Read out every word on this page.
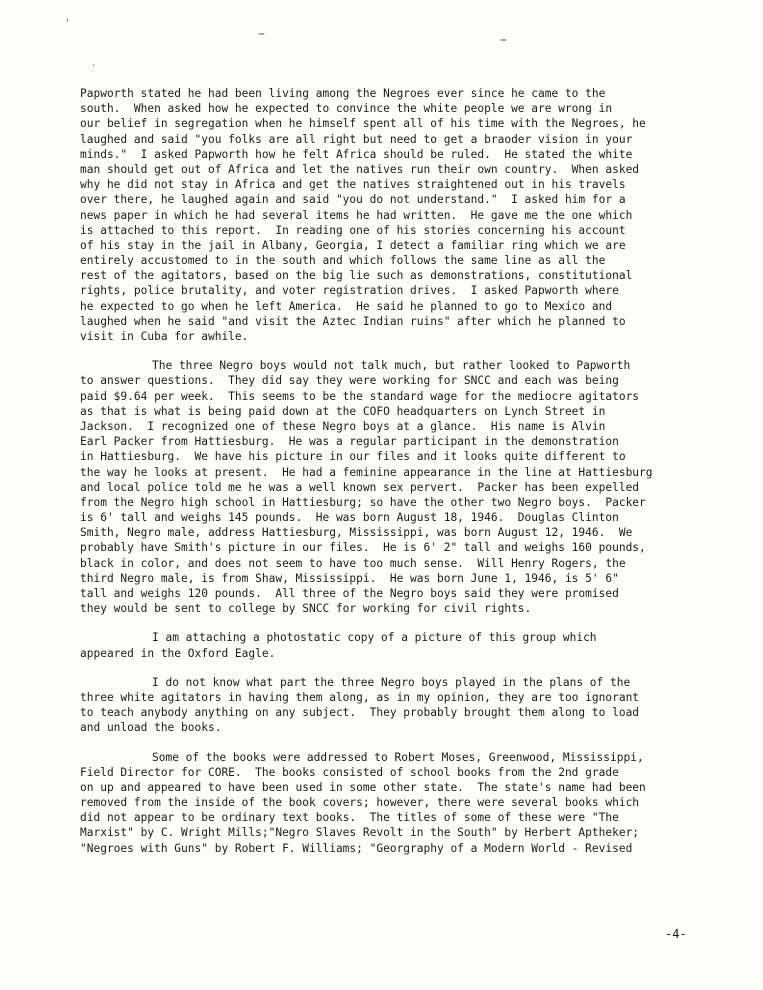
'
–	–
.
Papworth stated he had been living among the Negroes ever since he came to the
south.  When asked how he expected to convince the white people we are wrong in
our belief in segregation when he himself spent all of his time with the Negroes, he
laughed and said "you folks are all right but need to get a braoder vision in your
minds."  I asked Papworth how he felt Africa should be ruled.  He stated the white
man should get out of Africa and let the natives run their own country.  When asked
why he did not stay in Africa and get the natives straightened out in his travels
over there, he laughed again and said "you do not understand."  I asked him for a
news paper in which he had several items he had written.  He gave me the one which
is attached to this report.  In reading one of his stories concerning his account
of his stay in the jail in Albany, Georgia, I detect a familiar ring which we are
entirely accustomed to in the south and which follows the same line as all the
rest of the agitators, based on the big lie such as demonstrations, constitutional
rights, police brutality, and voter registration drives.  I asked Papworth where
he expected to go when he left America.  He said he planned to go to Mexico and
laughed when he said "and visit the Aztec Indian ruins" after which he planned to
visit in Cuba for awhile.
The three Negro boys would not talk much, but rather looked to Papworth
to answer questions.  They did say they were working for SNCC and each was being
paid $9.64 per week.  This seems to be the standard wage for the mediocre agitators
as that is what is being paid down at the COFO headquarters on Lynch Street in
Jackson.  I recognized one of these Negro boys at a glance.  His name is Alvin
Earl Packer from Hattiesburg.  He was a regular participant in the demonstration
in Hattiesburg.  We have his picture in our files and it looks quite different to
the way he looks at present.  He had a feminine appearance in the line at Hattiesburg
and local police told me he was a well known sex pervert.  Packer has been expelled
from the Negro high school in Hattiesburg; so have the other two Negro boys.  Packer
is 6' tall and weighs 145 pounds.  He was born August 18, 1946.  Douglas Clinton
Smith, Negro male, address Hattiesburg, Mississippi, was born August 12, 1946.  We
probably have Smith's picture in our files.  He is 6' 2" tall and weighs 160 pounds,
black in color, and does not seem to have too much sense.  Will Henry Rogers, the
third Negro male, is from Shaw, Mississippi.  He was born June 1, 1946, is 5' 6"
tall and weighs 120 pounds.  All three of the Negro boys said they were promised
they would be sent to college by SNCC for working for civil rights.
I am attaching a photostatic copy of a picture of this group which
appeared in the Oxford Eagle.
I do not know what part the three Negro boys played in the plans of the
three white agitators in having them along, as in my opinion, they are too ignorant
to teach anybody anything on any subject.  They probably brought them along to load
and unload the books.
Some of the books were addressed to Robert Moses, Greenwood, Mississippi,
Field Director for CORE.  The books consisted of school books from the 2nd grade
on up and appeared to have been used in some other state.  The state's name had been
removed from the inside of the book covers; however, there were several books which
did not appear to be ordinary text books.  The titles of some of these were "The
Marxist" by C. Wright Mills;"Negro Slaves Revolt in the South" by Herbert Aptheker;
"Negroes with Guns" by Robert F. Williams; "Georgraphy of a Modern World - Revised
-4-
